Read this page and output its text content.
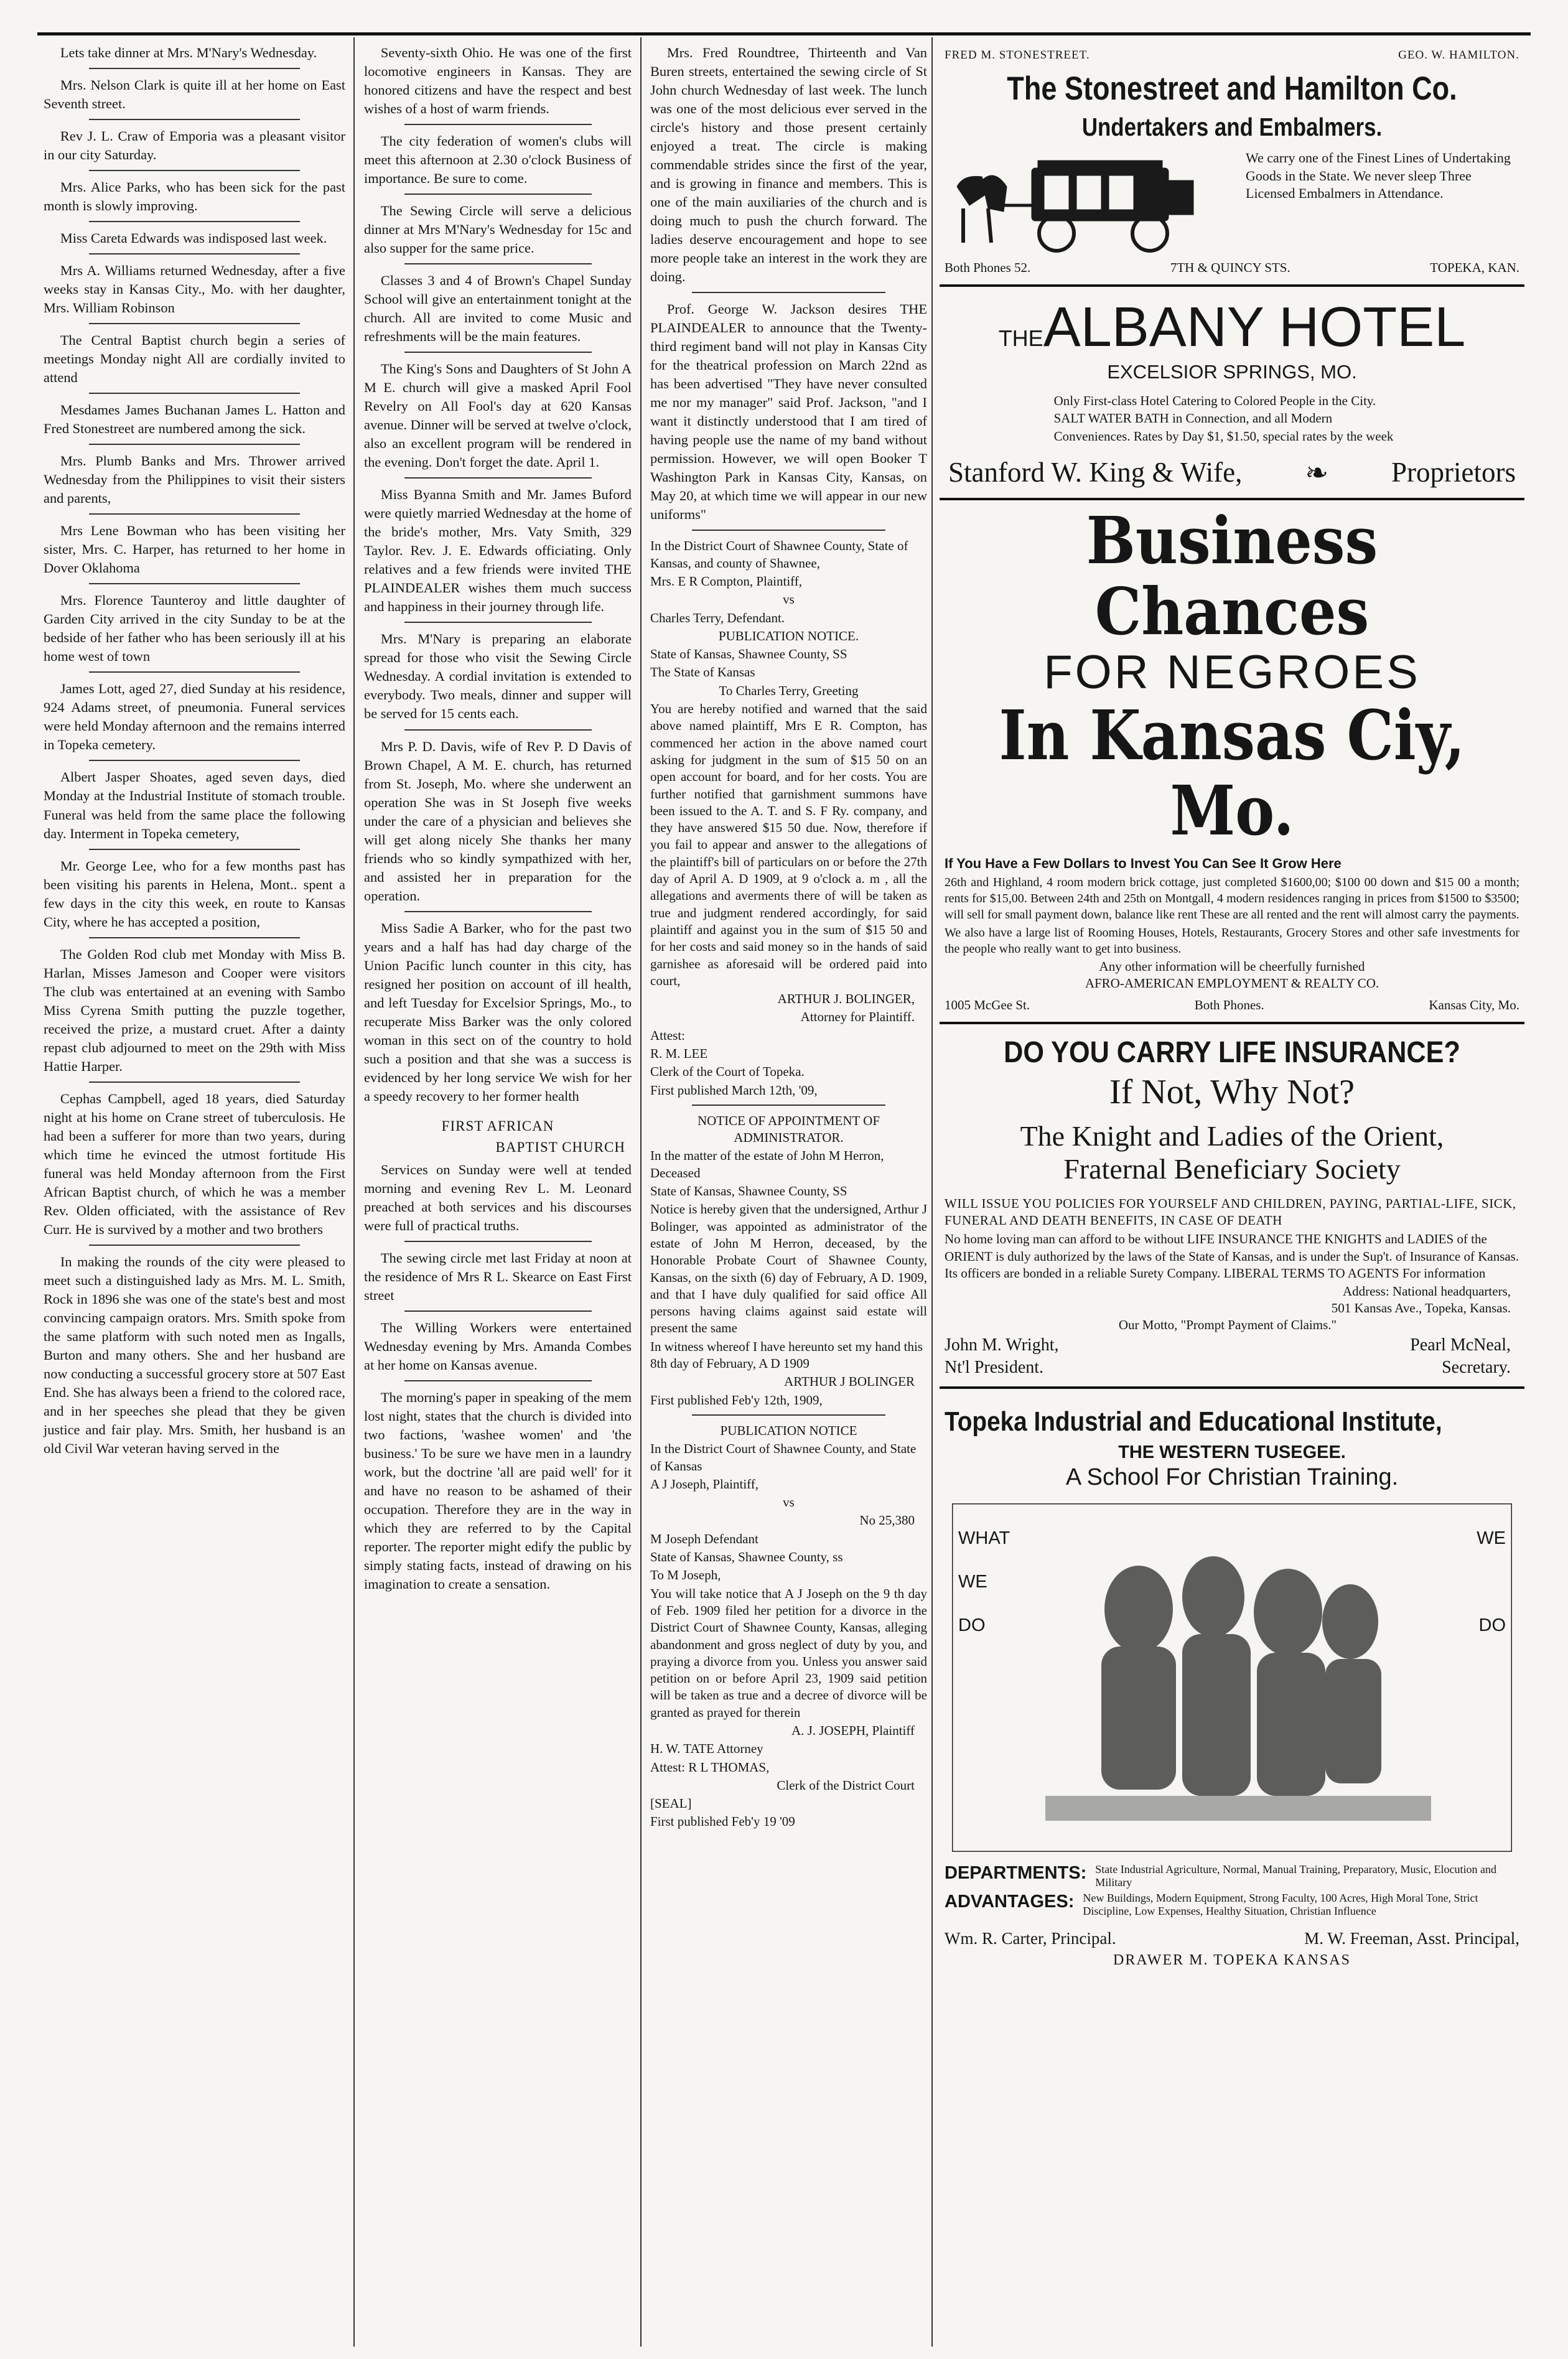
Lets take dinner at Mrs. M'Nary's Wednesday.

Mrs. Nelson Clark is quite ill at her home on East Seventh street.

Rev J. L. Craw of Emporia was a pleasant visitor in our city Saturday.

Mrs. Alice Parks, who has been sick for the past month is slowly improving.

Miss Careta Edwards was indisposed last week.

Mrs A. Williams returned Wednesday, after a five weeks stay in Kansas City., Mo. with her daughter, Mrs. William Robinson

The Central Baptist church begin a series of meetings Monday night All are cordially invited to attend

Mesdames James Buchanan James L. Hatton and Fred Stonestreet are numbered among the sick.

Mrs. Plumb Banks and Mrs. Thrower arrived Wednesday from the Philippines to visit their sisters and parents,

Mrs Lene Bowman who has been visiting her sister, Mrs. C. Harper, has returned to her home in Dover Oklahoma

Mrs. Florence Taunteroy and little daughter of Garden City arrived in the city Sunday to be at the bedside of her father who has been seriously ill at his home west of town

James Lott, aged 27, died Sunday at his residence, 924 Adams street, of pneumonia. Funeral services were held Monday afternoon and the remains interred in Topeka cemetery.

Albert Jasper Shoates, aged seven days, died Monday at the Industrial Institute of stomach trouble. Funeral was held from the same place the following day. Interment in Topeka cemetery,

Mr. George Lee, who for a few months past has been visiting his parents in Helena, Mont.. spent a few days in the city this week, en route to Kansas City, where he has accepted a position,

The Golden Rod club met Monday with Miss B. Harlan, Misses Jameson and Cooper were visitors The club was entertained at an evening with Sambo Miss Cyrena Smith putting the puzzle together, received the prize, a mustard cruet. After a dainty repast club adjourned to meet on the 29th with Miss Hattie Harper.

Cephas Campbell, aged 18 years, died Saturday night at his home on Crane street of tuberculosis. He had been a sufferer for more than two years, during which time he evinced the utmost fortitude His funeral was held Monday afternoon from the First African Baptist church, of which he was a member Rev. Olden officiated, with the assistance of Rev Curr. He is survived by a mother and two brothers

In making the rounds of the city were pleased to meet such a distinguished lady as Mrs. M. L. Smith, Rock in 1896 she was one of the state's best and most convincing campaign orators. Mrs. Smith spoke from the same platform with such noted men as Ingalls, Burton and many others. She and her husband are now conducting a successful grocery store at 507 East End. She has always been a friend to the colored race, and in her speeches she plead that they be given justice and fair play. Mrs. Smith, her husband is an old Civil War veteran having served in the

Seventy-sixth Ohio. He was one of the first locomotive engineers in Kansas. They are honored citizens and have the respect and best wishes of a host of warm friends.

The city federation of women's clubs will meet this afternoon at 2.30 o'clock Business of importance. Be sure to come.

The Sewing Circle will serve a delicious dinner at Mrs M'Nary's Wednesday for 15c and also supper for the same price.

Classes 3 and 4 of Brown's Chapel Sunday School will give an entertainment tonight at the church. All are invited to come Music and refreshments will be the main features.

The King's Sons and Daughters of St John A M E. church will give a masked April Fool Revelry on All Fool's day at 620 Kansas avenue. Dinner will be served at twelve o'clock, also an excellent program will be rendered in the evening. Don't forget the date. April 1.

Miss Byanna Smith and Mr. James Buford were quietly married Wednesday at the home of the bride's mother, Mrs. Vaty Smith, 329 Taylor. Rev. J. E. Edwards officiating. Only relatives and a few friends were invited THE PLAINDEALER wishes them much success and happiness in their journey through life.

Mrs. M'Nary is preparing an elaborate spread for those who visit the Sewing Circle Wednesday. A cordial invitation is extended to everybody. Two meals, dinner and supper will be served for 15 cents each.

Mrs P. D. Davis, wife of Rev P. D Davis of Brown Chapel, A M. E. church, has returned from St. Joseph, Mo. where she underwent an operation She was in St Joseph five weeks under the care of a physician and believes she will get along nicely She thanks her many friends who so kindly sympathized with her, and assisted her in preparation for the operation.

Miss Sadie A Barker, who for the past two years and a half has had day charge of the Union Pacific lunch counter in this city, has resigned her position on account of ill health, and left Tuesday for Excelsior Springs, Mo., to recuperate Miss Barker was the only colored woman in this sect on of the country to hold such a position and that she was a success is evidenced by her long service We wish for her a speedy recovery to her former health

FIRST AFRICAN
BAPTIST CHURCH

Services on Sunday were well at tended morning and evening Rev L. M. Leonard preached at both services and his discourses were full of practical truths.

The sewing circle met last Friday at noon at the residence of Mrs R L. Skearce on East First street

The Willing Workers were entertained Wednesday evening by Mrs. Amanda Combes at her home on Kansas avenue.

The morning's paper in speaking of the mem lost night, states that the church is divided into two factions, 'washee women' and 'the business.' To be sure we have men in a laundry work, but the doctrine 'all are paid well' for it and have no reason to be ashamed of their occupation. Therefore they are in the way in which they are referred to by the Capital reporter. The reporter might edify the public by simply stating facts, instead of drawing on his imagination to create a sensation.

Mrs. Fred Roundtree, Thirteenth and Van Buren streets, entertained the sewing circle of St John church Wednesday of last week. The lunch was one of the most delicious ever served in the circle's history and those present certainly enjoyed a treat. The circle is making commendable strides since the first of the year, and is growing in finance and members. This is one of the main auxiliaries of the church and is doing much to push the church forward. The ladies deserve encouragement and hope to see more people take an interest in the work they are doing.

Prof. George W. Jackson desires THE PLAINDEALER to announce that the Twenty-third regiment band will not play in Kansas City for the theatrical profession on March 22nd as has been advertised "They have never consulted me nor my manager" said Prof. Jackson, "and I want it distinctly understood that I am tired of having people use the name of my band without permission. However, we will open Booker T Washington Park in Kansas City, Kansas, on May 20, at which time we will appear in our new uniforms"

In the District Court of Shawnee County, State of Kansas, and county of Shawnee,

Mrs. E R Compton, Plaintiff,

vs

Charles Terry, Defendant.

PUBLICATION NOTICE.

State of Kansas, Shawnee County, SS

The State of Kansas

To Charles Terry, Greeting

You are hereby notified and warned that the said above named plaintiff, Mrs E R. Compton, has commenced her action in the above named court asking for judgment in the sum of $15 50 on an open account for board, and for her costs. You are further notified that garnishment summons have been issued to the A. T. and S. F Ry. company, and they have answered $15 50 due. Now, therefore if you fail to appear and answer to the allegations of the plaintiff's bill of particulars on or before the 27th day of April A. D 1909, at 9 o'clock a. m , all the allegations and averments there of will be taken as true and judgment rendered accordingly, for said plaintiff and against you in the sum of $15 50 and for her costs and said money so in the hands of said garnishee as aforesaid will be ordered paid into court,

ARTHUR J. BOLINGER,

Attorney for Plaintiff.

Attest:

R. M. LEE

Clerk of the Court of Topeka.

First published March 12th, '09,

NOTICE OF APPOINTMENT OF ADMINISTRATOR.

In the matter of the estate of John M Herron, Deceased

State of Kansas, Shawnee County, SS

Notice is hereby given that the undersigned, Arthur J Bolinger, was appointed as administrator of the estate of John M Herron, deceased, by the Honorable Probate Court of Shawnee County, Kansas, on the sixth (6) day of February, A D. 1909, and that I have duly qualified for said office All persons having claims against said estate will present the same

In witness whereof I have hereunto set my hand this 8th day of February, A D 1909

ARTHUR J BOLINGER

First published Feb'y 12th, 1909,

PUBLICATION NOTICE

In the District Court of Shawnee County, and State of Kansas

A J Joseph, Plaintiff,

vs

No 25,380

M Joseph Defendant

State of Kansas, Shawnee County, ss

To M Joseph,

You will take notice that A J Joseph on the 9 th day of Feb. 1909 filed her petition for a divorce in the District Court of Shawnee County, Kansas, alleging abandonment and gross neglect of duty by you, and praying a divorce from you. Unless you answer said petition on or before April 23, 1909 said petition will be taken as true and a decree of divorce will be granted as prayed for therein

A. J. JOSEPH, Plaintiff

H. W. TATE Attorney

Attest: R L THOMAS,

Clerk of the District Court

[SEAL]

First published Feb'y 19 '09

FRED M. STONESTREET.	GEO. W. HAMILTON.
The Stonestreet and Hamilton Co.
Undertakers and Embalmers.
We carry one of the Finest Lines of Undertaking Goods in the State. We never sleep Three Licensed Embalmers in Attendance.
Both Phones 52.	7TH & QUINCY STS.	TOPEKA, KAN.
THEALBANY HOTEL
EXCELSIOR SPRINGS, MO.
Only First-class Hotel Catering to Colored People in the City. SALT WATER BATH in Connection, and all Modern Conveniences. Rates by Day $1, $1.50, special rates by the week
Stanford W. King & Wife, ❧ Proprietors
Business Chances
FOR NEGROES
In Kansas Ciy, Mo.
If You Have a Few Dollars to Invest You Can See It Grow Here
26th and Highland, 4 room modern brick cottage, just completed $1600,00; $100 00 down and $15 00 a month; rents for $15,00. Between 24th and 25th on Montgall, 4 modern residences ranging in prices from $1500 to $3500; will sell for small payment down, balance like rent These are all rented and the rent will almost carry the payments.
We also have a large list of Rooming Houses, Hotels, Restaurants, Grocery Stores and other safe investments for the people who really want to get into business.
Any other information will be cheerfully furnished
AFRO-AMERICAN EMPLOYMENT & REALTY CO.
1005 McGee St.	Both Phones.	Kansas City, Mo.
DO YOU CARRY LIFE INSURANCE?
If Not, Why Not?
The Knight and Ladies of the Orient,
Fraternal Beneficiary Society
WILL ISSUE YOU POLICIES FOR YOURSELF AND CHILDREN, PAYING, PARTIAL-LIFE, SICK, FUNERAL AND DEATH BENEFITS, IN CASE OF DEATH
No home loving man can afford to be without LIFE INSURANCE THE KNIGHTS and LADIES of the ORIENT is duly authorized by the laws of the State of Kansas, and is under the Sup't. of Insurance of Kansas. Its officers are bonded in a reliable Surety Company. LIBERAL TERMS TO AGENTS For information
Address: National headquarters,
501 Kansas Ave., Topeka, Kansas.
Our Motto, "Prompt Payment of Claims."
John M. Wright,	Pearl McNeal,
Nt'l President.	Secretary.
Topeka Industrial and Educational Institute,
THE WESTERN TUSEGEE.
A School For Christian Training.
WHAT
WE
DO
WE
DO
DEPARTMENTS: State Industrial Agriculture, Normal, Manual Training, Preparatory, Music, Elocution and Military
ADVANTAGES: New Buildings, Modern Equipment, Strong Faculty, 100 Acres, High Moral Tone, Strict Discipline, Low Expenses, Healthy Situation, Christian Influence
Wm. R. Carter, Principal.	M. W. Freeman, Asst. Principal,
DRAWER M. TOPEKA KANSAS
